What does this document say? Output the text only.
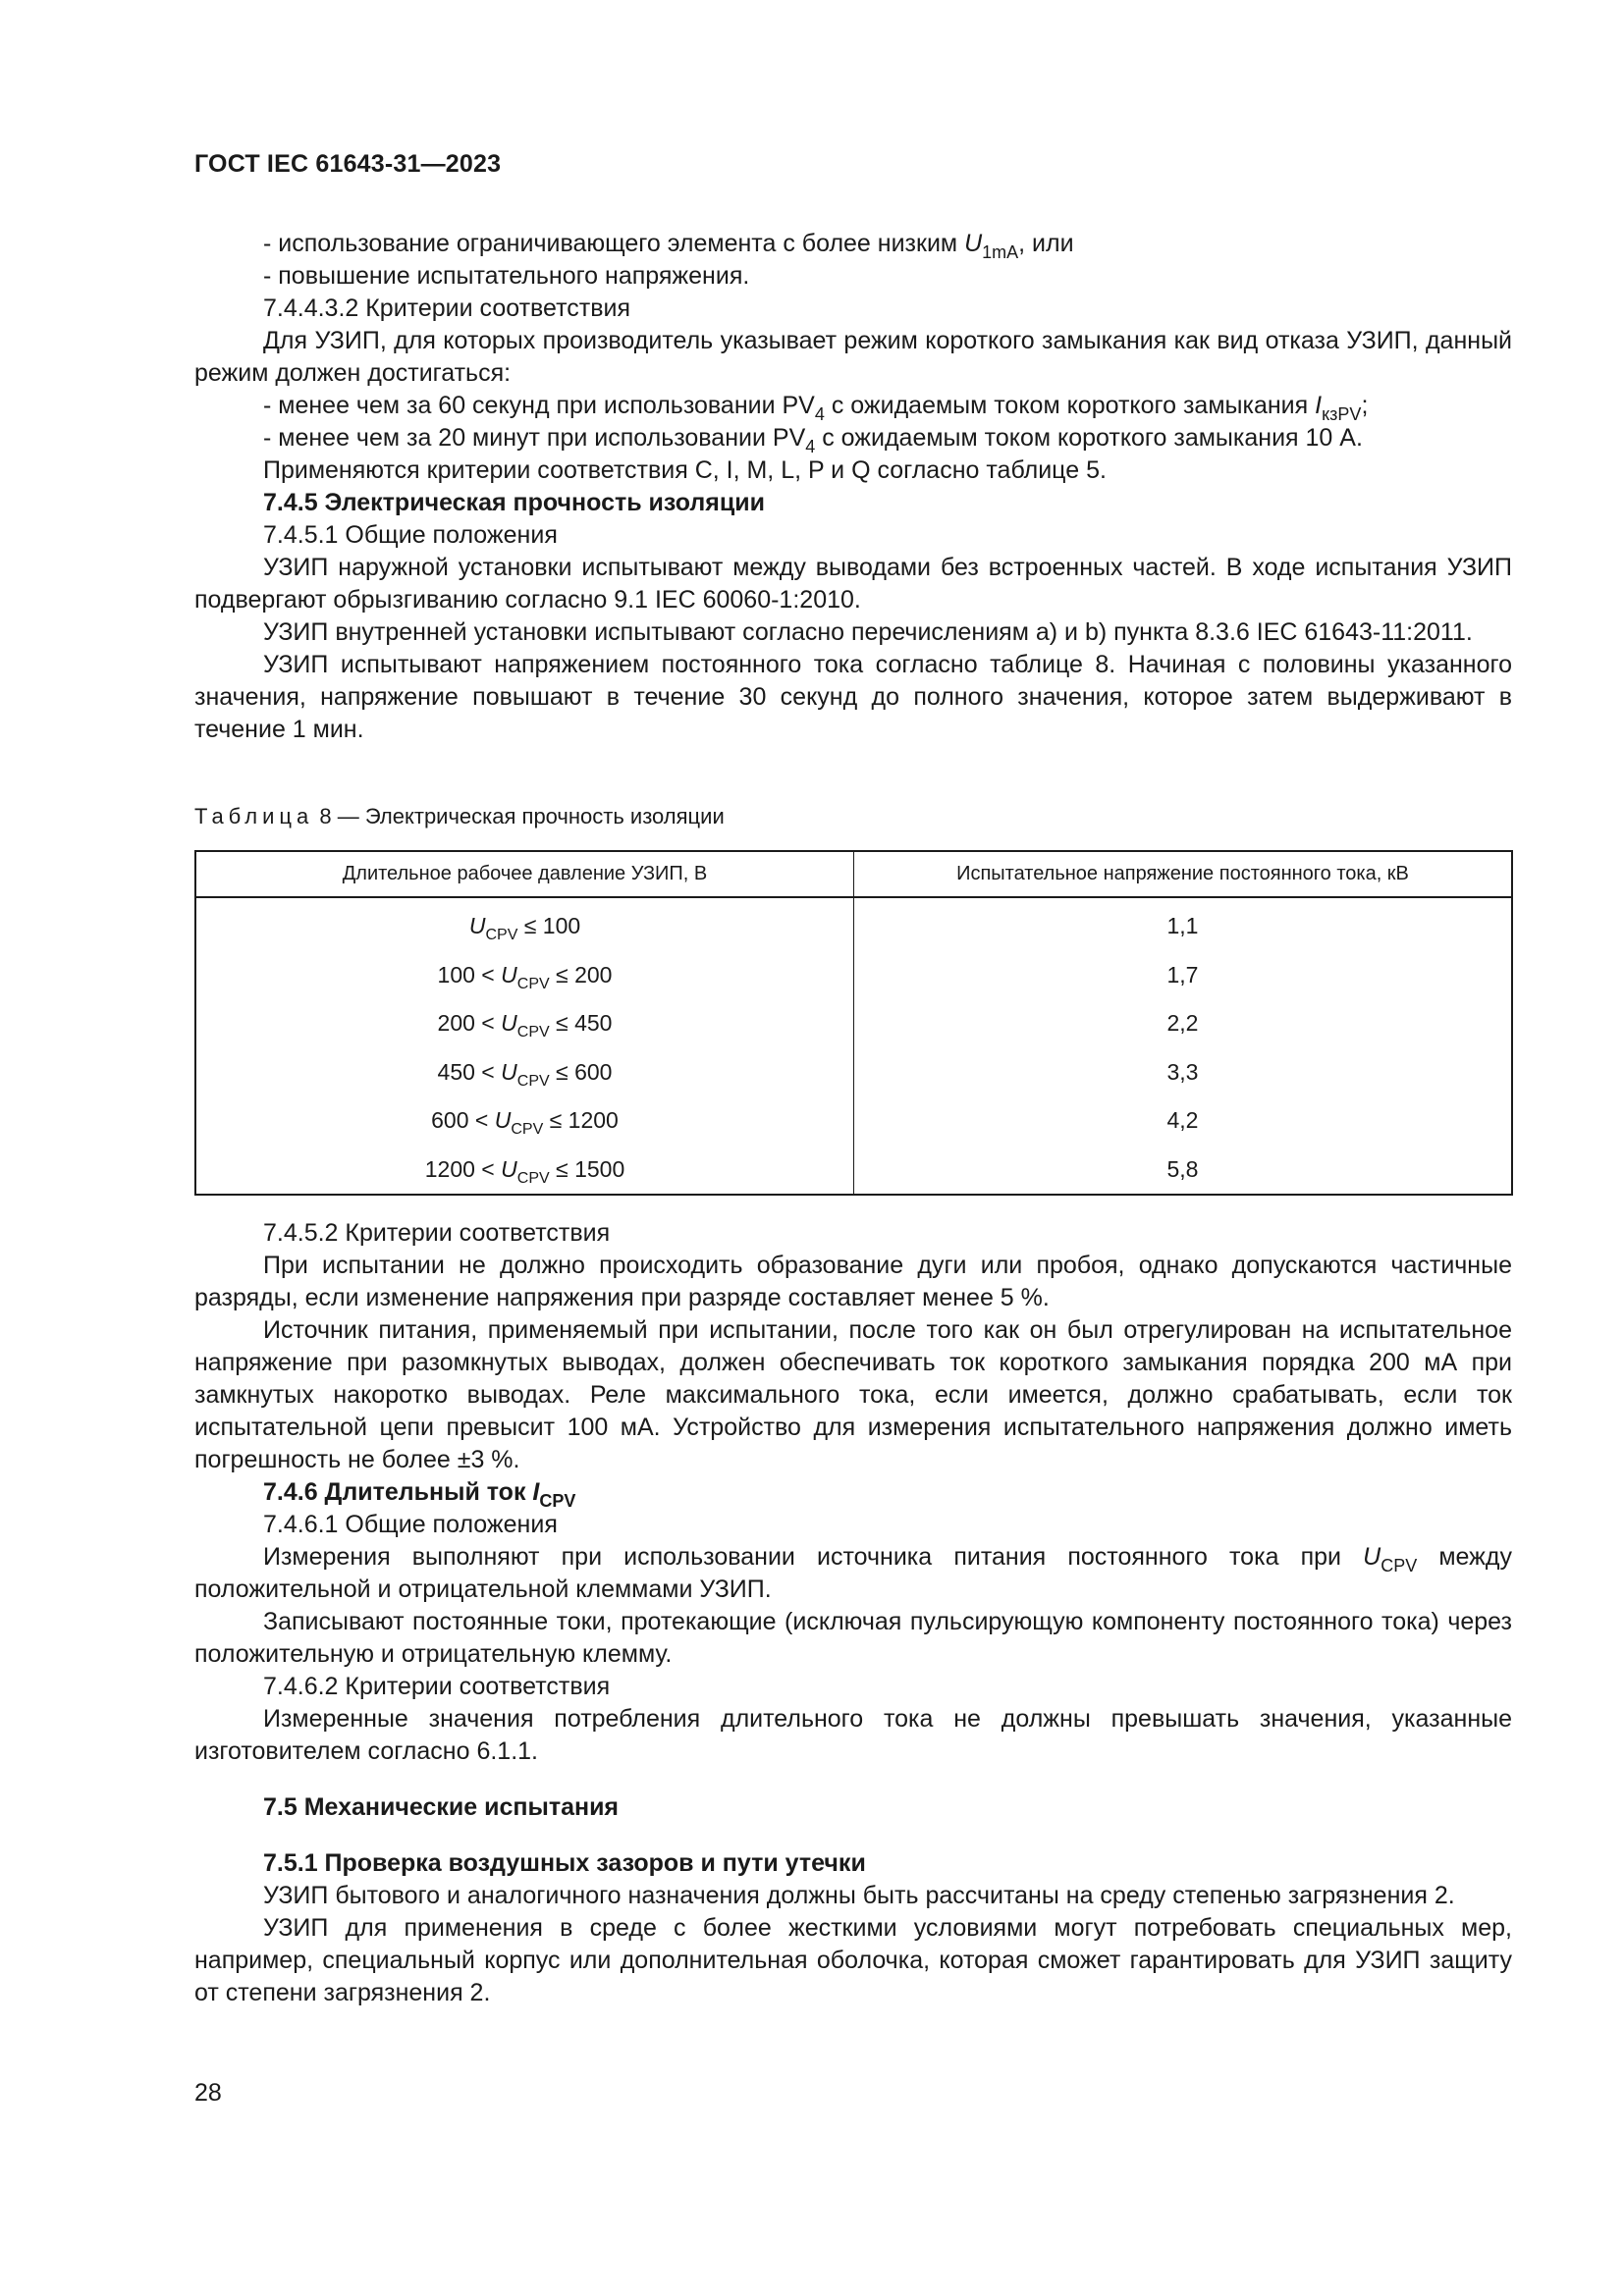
ГОСТ IEC 61643-31—2023

- использование ограничивающего элемента с более низким $U_{1mA}$, или

- повышение испытательного напряжения.

7.4.4.3.2 Критерии соответствия

Для УЗИП, для которых производитель указывает режим короткого замыкания как вид отказа УЗИП, данный режим должен достигаться:

- менее чем за 60 секунд при использовании $PV_4$ с ожидаемым током короткого замыкания $I_{кзPV}$;

- менее чем за 20 минут при использовании $PV_4$ с ожидаемым током короткого замыкания 10 А.

Применяются критерии соответствия C, I, M, L, P и Q согласно таблице 5.

7.4.5 Электрическая прочность изоляции

7.4.5.1 Общие положения

УЗИП наружной установки испытывают между выводами без встроенных частей. В ходе испытания УЗИП подвергают обрызгиванию согласно 9.1 IEC 60060-1:2010.

УЗИП внутренней установки испытывают согласно перечислениям а) и b) пункта 8.3.6 IEC 61643-11:2011.

УЗИП испытывают напряжением постоянного тока согласно таблице 8. Начиная с половины указанного значения, напряжение повышают в течение 30 секунд до полного значения, которое затем выдерживают в течение 1 мин.

Таблица 8 — Электрическая прочность изоляции
Длительное рабочее давление УЗИП, В	Испытательное напряжение постоянного тока, кВ
$U_{CPV} \le 100$	1,1
$100 < U_{CPV} \le 200$	1,7
$200 < U_{CPV} \le 450$	2,2
$450 < U_{CPV} \le 600$	3,3
$600 < U_{CPV} \le 1200$	4,2
$1200 < U_{CPV} \le 1500$	5,8

7.4.5.2 Критерии соответствия

При испытании не должно происходить образование дуги или пробоя, однако допускаются частичные разряды, если изменение напряжения при разряде составляет менее 5 %.

Источник питания, применяемый при испытании, после того как он был отрегулирован на испытательное напряжение при разомкнутых выводах, должен обеспечивать ток короткого замыкания порядка 200 мА при замкнутых накоротко выводах. Реле максимального тока, если имеется, должно срабатывать, если ток испытательной цепи превысит 100 мА. Устройство для измерения испытательного напряжения должно иметь погрешность не более ±3 %.

7.4.6 Длительный ток $I_{CPV}$

7.4.6.1 Общие положения

Измерения выполняют при использовании источника питания постоянного тока при $U_{CPV}$ между положительной и отрицательной клеммами УЗИП.

Записывают постоянные токи, протекающие (исключая пульсирующую компоненту постоянного тока) через положительную и отрицательную клемму.

7.4.6.2 Критерии соответствия

Измеренные значения потребления длительного тока не должны превышать значения, указанные изготовителем согласно 6.1.1.

7.5 Механические испытания

7.5.1 Проверка воздушных зазоров и пути утечки

УЗИП бытового и аналогичного назначения должны быть рассчитаны на среду степенью загрязнения 2.

УЗИП для применения в среде с более жесткими условиями могут потребовать специальных мер, например, специальный корпус или дополнительная оболочка, которая сможет гарантировать для УЗИП защиту от степени загрязнения 2.

28
